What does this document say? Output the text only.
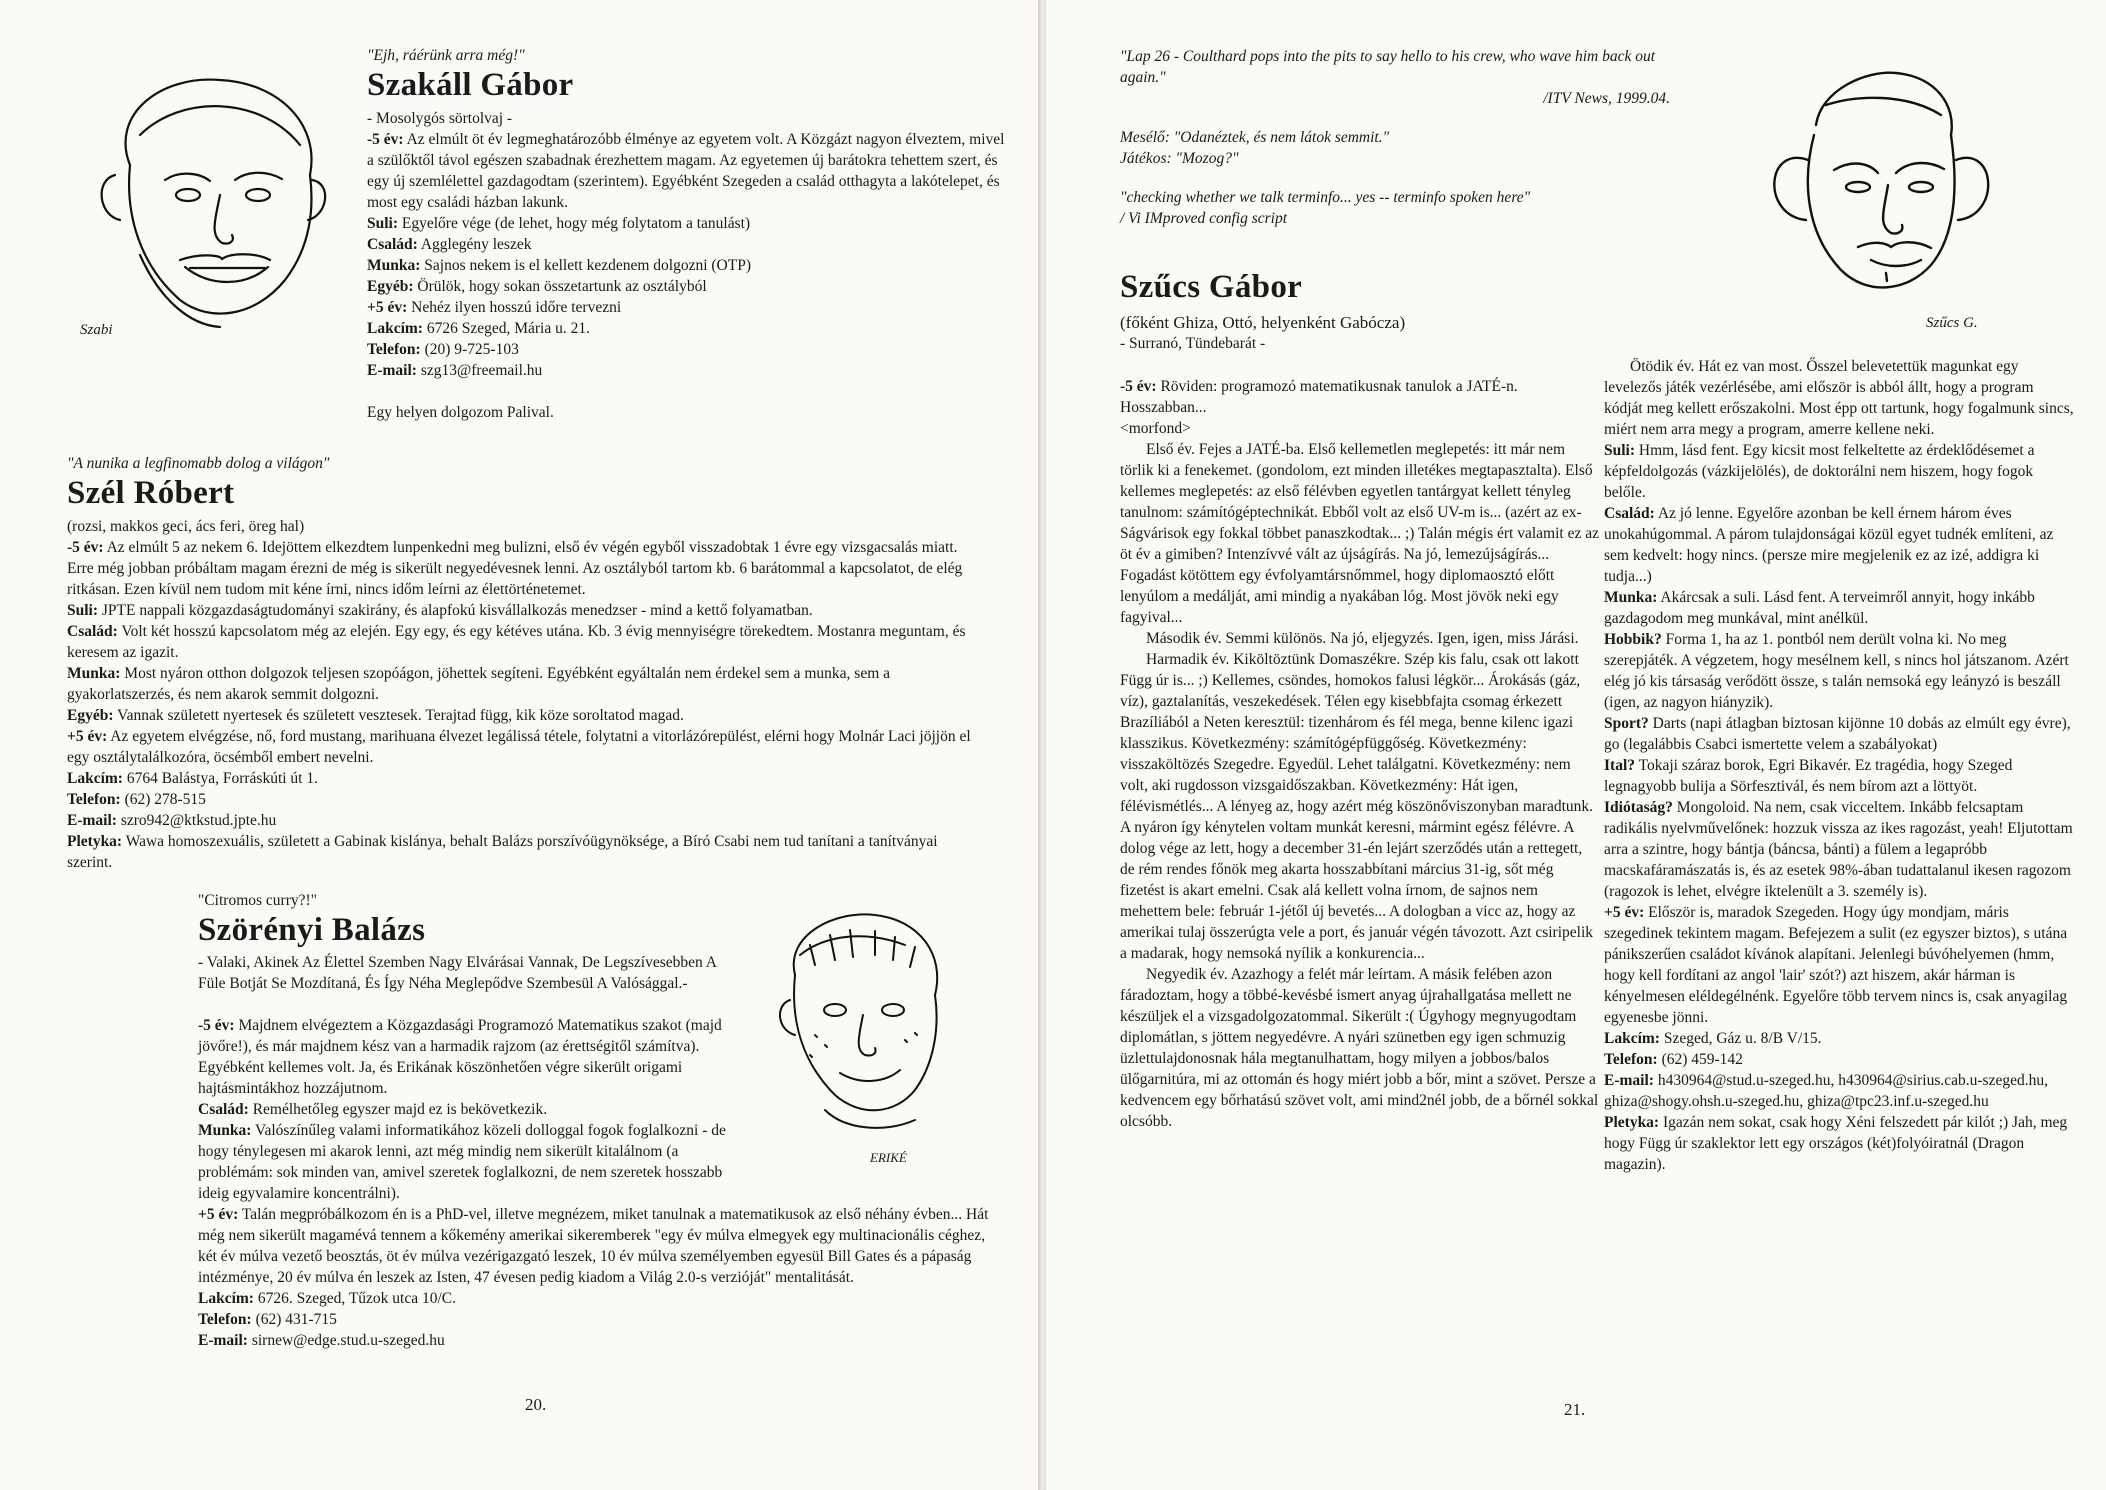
Szabi

"Ejh, ráérünk arra még!"

Szakáll Gábor

- Mosolygós sörtolvaj -

-5 év: Az elmúlt öt év legmeghatározóbb élménye az egyetem volt. A Közgázt nagyon élveztem, mivel a szülőktől távol egészen szabadnak érezhettem magam. Az egyetemen új barátokra tehettem szert, és egy új szemlélettel gazdagodtam (szerintem). Egyébként Szegeden a család otthagyta a lakótelepet, és most egy családi házban lakunk.

Suli: Egyelőre vége (de lehet, hogy még folytatom a tanulást)

Család: Agglegény leszek

Munka: Sajnos nekem is el kellett kezdenem dolgozni (OTP)

Egyéb: Örülök, hogy sokan összetartunk az osztályból

+5 év: Nehéz ilyen hosszú időre tervezni

Lakcím: 6726 Szeged, Mária u. 21.

Telefon: (20) 9-725-103

E-mail: szg13@freemail.hu

Egy helyen dolgozom Palival.

"A nunika a legfinomabb dolog a világon"

Szél Róbert

(rozsi, makkos geci, ács feri, öreg hal)

-5 év: Az elmúlt 5 az nekem 6. Idejöttem elkezdtem lunpenkedni meg bulizni, első év végén egyből visszadobtak 1 évre egy vizsgacsalás miatt. Erre még jobban próbáltam magam érezni de még is sikerült negyedévesnek lenni. Az osztályból tartom kb. 6 barátommal a kapcsolatot, de elég ritkásan. Ezen kívül nem tudom mit kéne írni, nincs időm leírni az élettörténetemet.

Suli: JPTE nappali közgazdaságtudományi szakirány, és alapfokú kisvállalkozás menedzser - mind a kettő folyamatban.

Család: Volt két hosszú kapcsolatom még az elején. Egy egy, és egy kétéves utána. Kb. 3 évig mennyiségre törekedtem. Mostanra meguntam, és keresem az igazit.

Munka: Most nyáron otthon dolgozok teljesen szopóágon, jöhettek segíteni. Egyébként egyáltalán nem érdekel sem a munka, sem a gyakorlatszerzés, és nem akarok semmit dolgozni.

Egyéb: Vannak született nyertesek és született vesztesek. Terajtad függ, kik köze soroltatod magad.

+5 év: Az egyetem elvégzése, nő, ford mustang, marihuana élvezet legálissá tétele, folytatni a vitorlázórepülést, elérni hogy Molnár Laci jöjjön el egy osztálytalálkozóra, öcsémből embert nevelni.

Lakcím: 6764 Balástya, Forráskúti út 1.

Telefon: (62) 278-515

E-mail: szro942@ktkstud.jpte.hu

Pletyka: Wawa homoszexuális, született a Gabinak kislánya, behalt Balázs porszívóügynöksége, a Bíró Csabi nem tud tanítani a tanítványai szerint.

"Citromos curry?!"

Szörényi Balázs

ERIKÉ

- Valaki, Akinek Az Élettel Szemben Nagy Elvárásai Vannak, De Legszívesebben A Füle Botját Se Mozdítaná, És Így Néha Meglepődve Szembesül A Valósággal.-

-5 év: Majdnem elvégeztem a Közgazdasági Programozó Matematikus szakot (majd jövőre!), és már majdnem kész van a harmadik rajzom (az érettségitől számítva). Egyébként kellemes volt. Ja, és Erikának köszönhetően végre sikerült origami hajtásmintákhoz hozzájutnom.

Család: Remélhetőleg egyszer majd ez is bekövetkezik.

Munka: Valószínűleg valami informatikához közeli dolloggal fogok foglalkozni - de hogy ténylegesen mi akarok lenni, azt még mindig nem sikerült kitalálnom (a problémám: sok minden van, amivel szeretek foglalkozni, de nem szeretek hosszabb ideig egyvalamire koncentrálni).

+5 év: Talán megpróbálkozom én is a PhD-vel, illetve megnézem, miket tanulnak a matematikusok az első néhány évben... Hát még nem sikerült magamévá tennem a kőkemény amerikai sikeremberek "egy év múlva elmegyek egy multinacionális céghez, két év múlva vezető beosztás, öt év múlva vezérigazgató leszek, 10 év múlva személyemben egyesül Bill Gates és a pápaság intézménye, 20 év múlva én leszek az Isten, 47 évesen pedig kiadom a Világ 2.0-s verzióját" mentalitását.

Lakcím: 6726. Szeged, Tűzok utca 10/C.

Telefon: (62) 431-715

E-mail: sirnew@edge.stud.u-szeged.hu

20.

"Lap 26 - Coulthard pops into the pits to say hello to his crew, who wave him back out again."

/ITV News, 1999.04.

Mesélő: "Odanéztek, és nem látok semmit."

Játékos: "Mozog?"

"checking whether we talk terminfo... yes -- terminfo spoken here"

/ Vi IMproved config script

Szűcs G.

Szűcs Gábor

(főként Ghiza, Ottó, helyenként Gabócza)

- Surranó, Tündebarát -

-5 év: Röviden: programozó matematikusnak tanulok a JATÉ-n. Hosszabban...

<morfond>

Első év. Fejes a JATÉ-ba. Első kellemetlen meglepetés: itt már nem törlik ki a fenekemet. (gondolom, ezt minden illetékes megtapasztalta). Első kellemes meglepetés: az első félévben egyetlen tantárgyat kellett tényleg tanulnom: számítógéptechnikát. Ebből volt az első UV-m is... (azért az ex-Ságvárisok egy fokkal többet panaszkodtak... ;) Talán mégis ért valamit ez az öt év a gimiben? Intenzívvé vált az újságírás. Na jó, lemezújságírás... Fogadást kötöttem egy évfolyamtársnőmmel, hogy diplomaosztó előtt lenyúlom a medálját, ami mindig a nyakában lóg. Most jövök neki egy fagyival...

Második év. Semmi különös. Na jó, eljegyzés. Igen, igen, miss Járási.

Harmadik év. Kiköltöztünk Domaszékre. Szép kis falu, csak ott lakott Függ úr is... ;) Kellemes, csöndes, homokos falusi légkör... Árokásás (gáz, víz), gaztalanítás, veszekedések. Télen egy kisebbfajta csomag érkezett Brazíliából a Neten keresztül: tizenhárom és fél mega, benne kilenc igazi klasszikus. Következmény: számítógépfüggőség. Következmény: visszaköltözés Szegedre. Egyedül. Lehet találgatni. Következmény: nem volt, aki rugdosson vizsgaidőszakban. Következmény: Hát igen, félévismétlés... A lényeg az, hogy azért még köszönőviszonyban maradtunk. A nyáron így kénytelen voltam munkát keresni, mármint egész félévre. A dolog vége az lett, hogy a december 31-én lejárt szerződés után a rettegett, de rém rendes főnök meg akarta hosszabbítani március 31-ig, sőt még fizetést is akart emelni. Csak alá kellett volna írnom, de sajnos nem mehettem bele: február 1-jétől új bevetés... A dologban a vicc az, hogy az amerikai tulaj összerúgta vele a port, és január végén távozott. Azt csiripelik a madarak, hogy nemsoká nyílik a konkurencia...

Negyedik év. Azazhogy a felét már leírtam. A másik felében azon fáradoztam, hogy a többé-kevésbé ismert anyag újrahallgatása mellett ne készüljek el a vizsgadolgozatommal. Sikerült :( Úgyhogy megnyugodtam diplomátlan, s jöttem negyedévre. A nyári szünetben egy igen schmuzig üzlettulajdonosnak hála megtanulhattam, hogy milyen a jobbos/balos ülőgarnitúra, mi az ottomán és hogy miért jobb a bőr, mint a szövet. Persze a kedvencem egy bőrhatású szövet volt, ami mind2nél jobb, de a bőrnél sokkal olcsóbb.

Ötödik év. Hát ez van most. Ősszel belevetettük magunkat egy levelezős játék vezérlésébe, ami először is abból állt, hogy a program kódját meg kellett erőszakolni. Most épp ott tartunk, hogy fogalmunk sincs, miért nem arra megy a program, amerre kellene neki.

Suli: Hmm, lásd fent. Egy kicsit most felkeltette az érdeklődésemet a képfeldolgozás (vázkijelölés), de doktorálni nem hiszem, hogy fogok belőle.

Család: Az jó lenne. Egyelőre azonban be kell érnem három éves unokahúgommal. A párom tulajdonságai közül egyet tudnék említeni, az sem kedvelt: hogy nincs. (persze mire megjelenik ez az izé, addigra ki tudja...)

Munka: Akárcsak a suli. Lásd fent. A terveimről annyit, hogy inkább gazdagodom meg munkával, mint anélkül.

Hobbik? Forma 1, ha az 1. pontból nem derült volna ki. No meg szerepjáték. A végzetem, hogy mesélnem kell, s nincs hol játszanom. Azért elég jó kis társaság verődött össze, s talán nemsoká egy leányzó is beszáll (igen, az nagyon hiányzik).

Sport? Darts (napi átlagban biztosan kijönne 10 dobás az elmúlt egy évre), go (legalábbis Csabci ismertette velem a szabályokat)

Ital? Tokaji száraz borok, Egri Bikavér. Ez tragédia, hogy Szeged legnagyobb bulija a Sörfesztivál, és nem bírom azt a löttyöt.

Idiótaság? Mongoloid. Na nem, csak vicceltem. Inkább felcsaptam radikális nyelvművelőnek: hozzuk vissza az ikes ragozást, yeah! Eljutottam arra a szintre, hogy bántja (báncsa, bánti) a fülem a legapróbb macskafáramászatás is, és az esetek 98%-ában tudattalanul ikesen ragozom (ragozok is lehet, elvégre iktelenült a 3. személy is).

+5 év: Először is, maradok Szegeden. Hogy úgy mondjam, máris szegedinek tekintem magam. Befejezem a sulit (ez egyszer biztos), s utána pánikszerűen családot kívánok alapítani. Jelenlegi búvóhelyemen (hmm, hogy kell fordítani az angol 'lair' szót?) azt hiszem, akár hárman is kényelmesen eléldegélnénk. Egyelőre több tervem nincs is, csak anyagilag egyenesbe jönni.

Lakcím: Szeged, Gáz u. 8/B V/15.

Telefon: (62) 459-142

E-mail: h430964@stud.u-szeged.hu, h430964@sirius.cab.u-szeged.hu, ghiza@shogy.ohsh.u-szeged.hu, ghiza@tpc23.inf.u-szeged.hu

Pletyka: Igazán nem sokat, csak hogy Xéni felszedett pár kilót ;) Jah, meg hogy Függ úr szaklektor lett egy országos (két)folyóiratnál (Dragon magazin).

21.
